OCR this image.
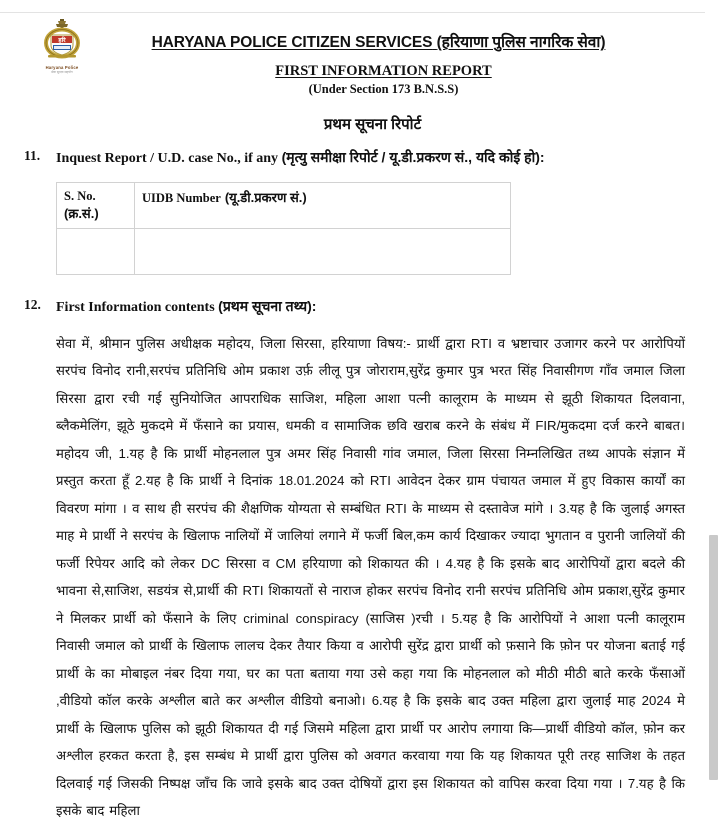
हरि
Haryana Police
सेवा सुरक्षा सहयोग
HARYANA POLICE CITIZEN SERVICES (हरियाणा पुलिस नागरिक सेवा)
FIRST INFORMATION REPORT
(Under Section 173 B.N.S.S)
प्रथम सूचना रिपोर्ट
11. Inquest Report / U.D. case No., if any (मृत्यु समीक्षा रिपोर्ट / यू.डी.प्रकरण सं., यदि कोई हो):
S. No.
(क्र.सं.)	UIDB Number (यू.डी.प्रकरण सं.)

12. First Information contents (प्रथम सूचना तथ्य):
सेवा में, श्रीमान पुलिस अधीक्षक महोदय, जिला सिरसा, हरियाणा विषय:- प्रार्थी द्वारा RTI व भ्रष्टाचार उजागर करने पर आरोपियों सरपंच विनोद रानी,सरपंच प्रतिनिधि ओम प्रकाश उर्फ़ लीलू पुत्र जोराराम,सुरेंद्र कुमार पुत्र भरत सिंह निवासीगण गाँव जमाल जिला सिरसा द्वारा रची गई सुनियोजित आपराधिक साजिश, महिला आशा पत्नी कालूराम के माध्यम से झूठी शिकायत दिलवाना, ब्लैकमेलिंग, झूठे मुकदमे में फँसाने का प्रयास, धमकी व सामाजिक छवि खराब करने के संबंध में FIR/मुकदमा दर्ज करने बाबत। महोदय जी, 1.यह है कि प्रार्थी मोहनलाल पुत्र अमर सिंह निवासी गांव जमाल, जिला सिरसा निम्नलिखित तथ्य आपके संज्ञान में प्रस्तुत करता हूँ 2.यह है कि प्रार्थी ने दिनांक 18.01.2024 को RTI आवेदन देकर ग्राम पंचायत जमाल में हुए विकास कार्यों का विवरण मांगा । व साथ ही सरपंच की शैक्षणिक योग्यता से सम्बंधित RTI के माध्यम से दस्तावेज मांगे । 3.यह है कि जुलाई अगस्त माह मे प्रार्थी ने सरपंच के खिलाफ नालियों में जालियां लगाने में फर्जी बिल,कम कार्य दिखाकर ज्यादा भुगतान व पुरानी जालियों की फर्जी रिपेयर आदि को लेकर DC सिरसा व CM हरियाणा को शिकायत की । 4.यह है कि इसके बाद आरोपियों द्वारा बदले की भावना से,साजिश, सडयंत्र से,प्रार्थी की RTI शिकायतों से नाराज होकर सरपंच विनोद रानी सरपंच प्रतिनिधि ओम प्रकाश,सुरेंद्र कुमार ने मिलकर प्रार्थी को फँसाने के लिए criminal conspiracy (साजिस )रची । 5.यह है कि आरोपियों ने आशा पत्नी कालूराम निवासी जमाल को प्रार्थी के खिलाफ लालच देकर तैयार किया व आरोपी सुरेंद्र द्वारा प्रार्थी को फ़साने कि फ़ोन पर योजना बताई गई प्रार्थी के का मोबाइल नंबर दिया गया, घर का पता बताया गया उसे कहा गया कि मोहनलाल को मीठी मीठी बाते करके फँसाओं ,वीडियो कॉल करके अश्लील बाते कर अश्लील वीडियो बनाओ। 6.यह है कि इसके बाद उक्त महिला द्वारा जुलाई माह 2024 मे प्रार्थी के खिलाफ पुलिस को झूठी शिकायत दी गई जिसमे महिला द्वारा प्रार्थी पर आरोप लगाया कि—प्रार्थी वीडियो कॉल, फ़ोन कर अश्लील हरकत करता है, इस सम्बंध मे प्रार्थी द्वारा पुलिस को अवगत करवाया गया कि यह शिकायत पूरी तरह साजिश के तहत दिलवाई गई जिसकी निष्पक्ष जाँच कि जावे इसके बाद उक्त दोषियों द्वारा इस शिकायत को वापिस करवा दिया गया । 7.यह है कि इसके बाद महिला
